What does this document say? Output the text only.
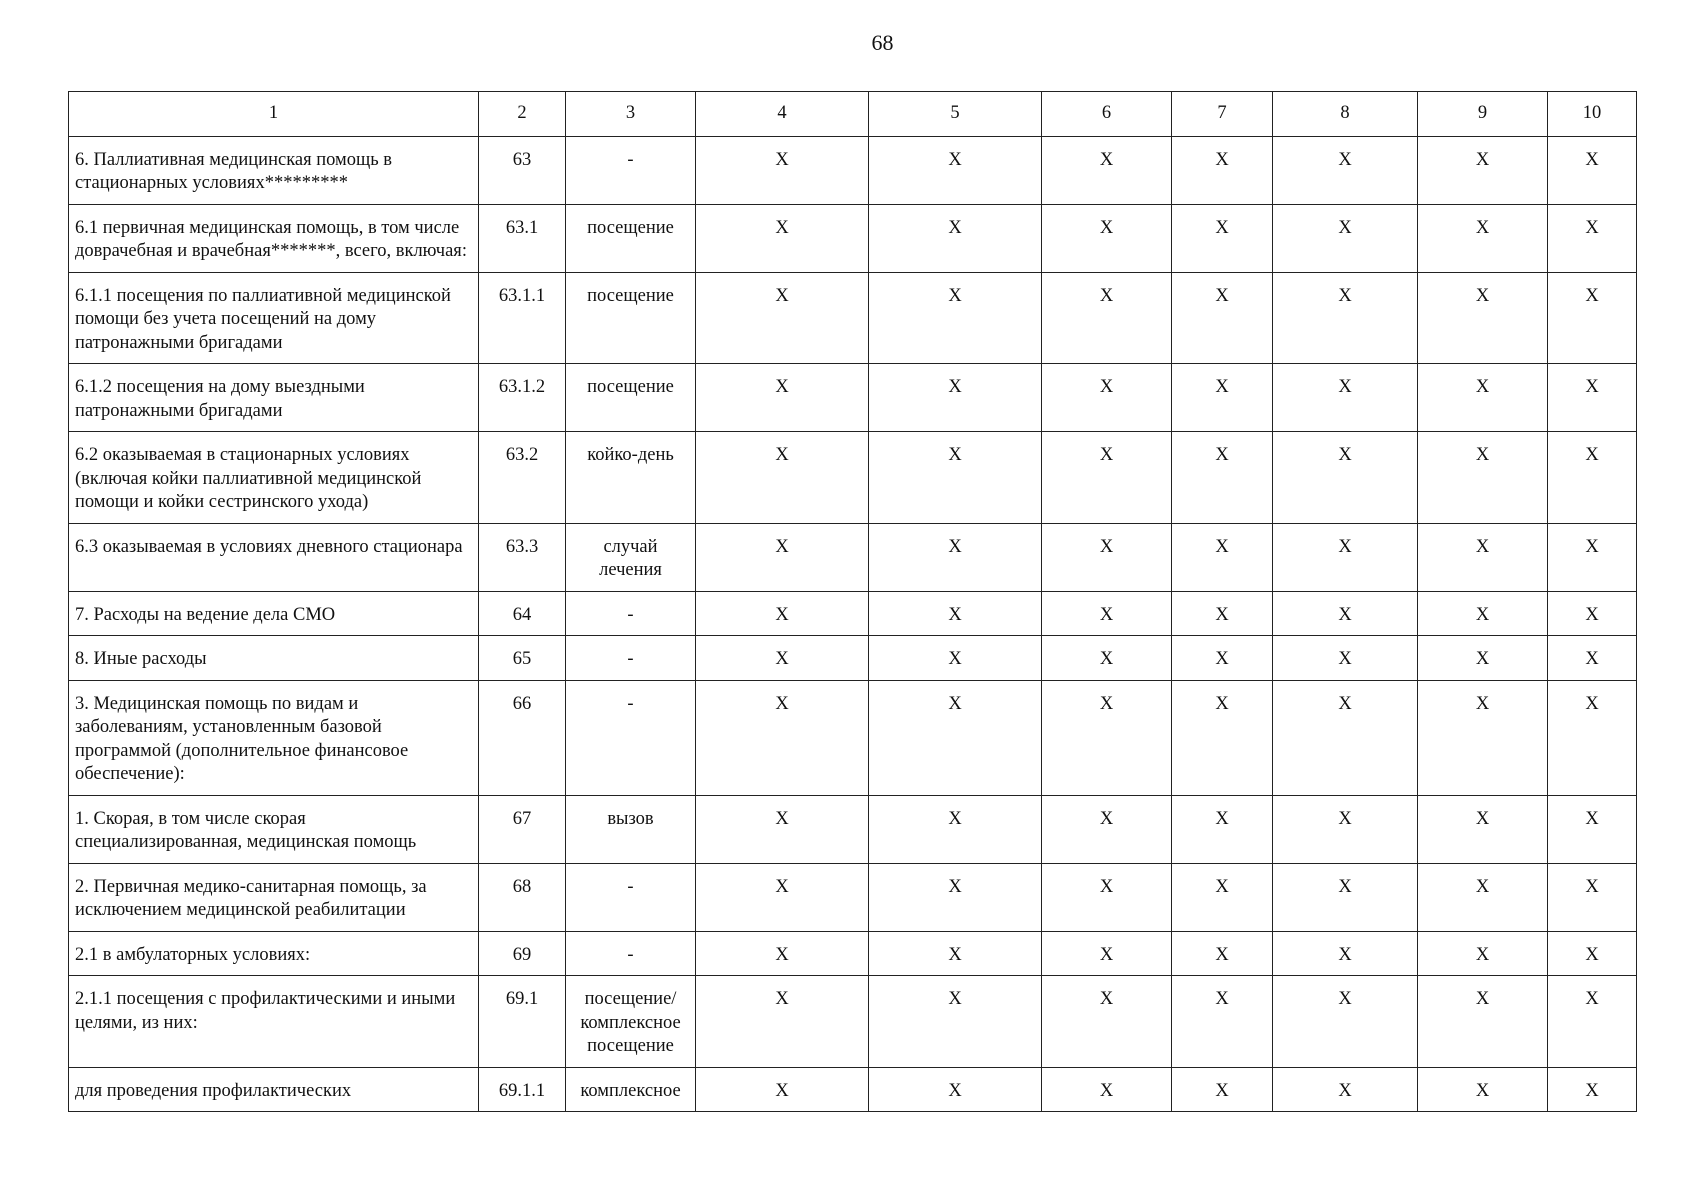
68
1	2	3	4	5	6	7	8	9	10
6. Паллиативная медицинская помощь в стационарных условиях*********	63	-	X	X	X	X	X	X	X
6.1 первичная медицинская помощь, в том числе доврачебная и врачебная*******, всего, включая:	63.1	посещение	X	X	X	X	X	X	X
6.1.1 посещения по паллиативной медицинской помощи без учета посещений на дому патронажными бригадами	63.1.1	посещение	X	X	X	X	X	X	X
6.1.2 посещения на дому выездными патронажными бригадами	63.1.2	посещение	X	X	X	X	X	X	X
6.2 оказываемая в стационарных условиях (включая койки паллиативной медицинской помощи и койки сестринского ухода)	63.2	койко-день	X	X	X	X	X	X	X
6.3 оказываемая в условиях дневного стационара	63.3	случай лечения	X	X	X	X	X	X	X
7. Расходы на ведение дела СМО	64	-	X	X	X	X	X	X	X
8. Иные расходы	65	-	X	X	X	X	X	X	X
3. Медицинская помощь по видам и заболеваниям, установленным базовой программой (дополнительное финансовое обеспечение):	66	-	X	X	X	X	X	X	X
1. Скорая, в том числе скорая специализированная, медицинская помощь	67	вызов	X	X	X	X	X	X	X
2. Первичная медико-санитарная помощь, за исключением медицинской реабилитации	68	-	X	X	X	X	X	X	X
2.1 в амбулаторных условиях:	69	-	X	X	X	X	X	X	X
2.1.1 посещения с профилактическими и иными целями, из них:	69.1	посещение/ комплексное посещение	X	X	X	X	X	X	X
для проведения профилактических	69.1.1	комплексное	X	X	X	X	X	X	X
